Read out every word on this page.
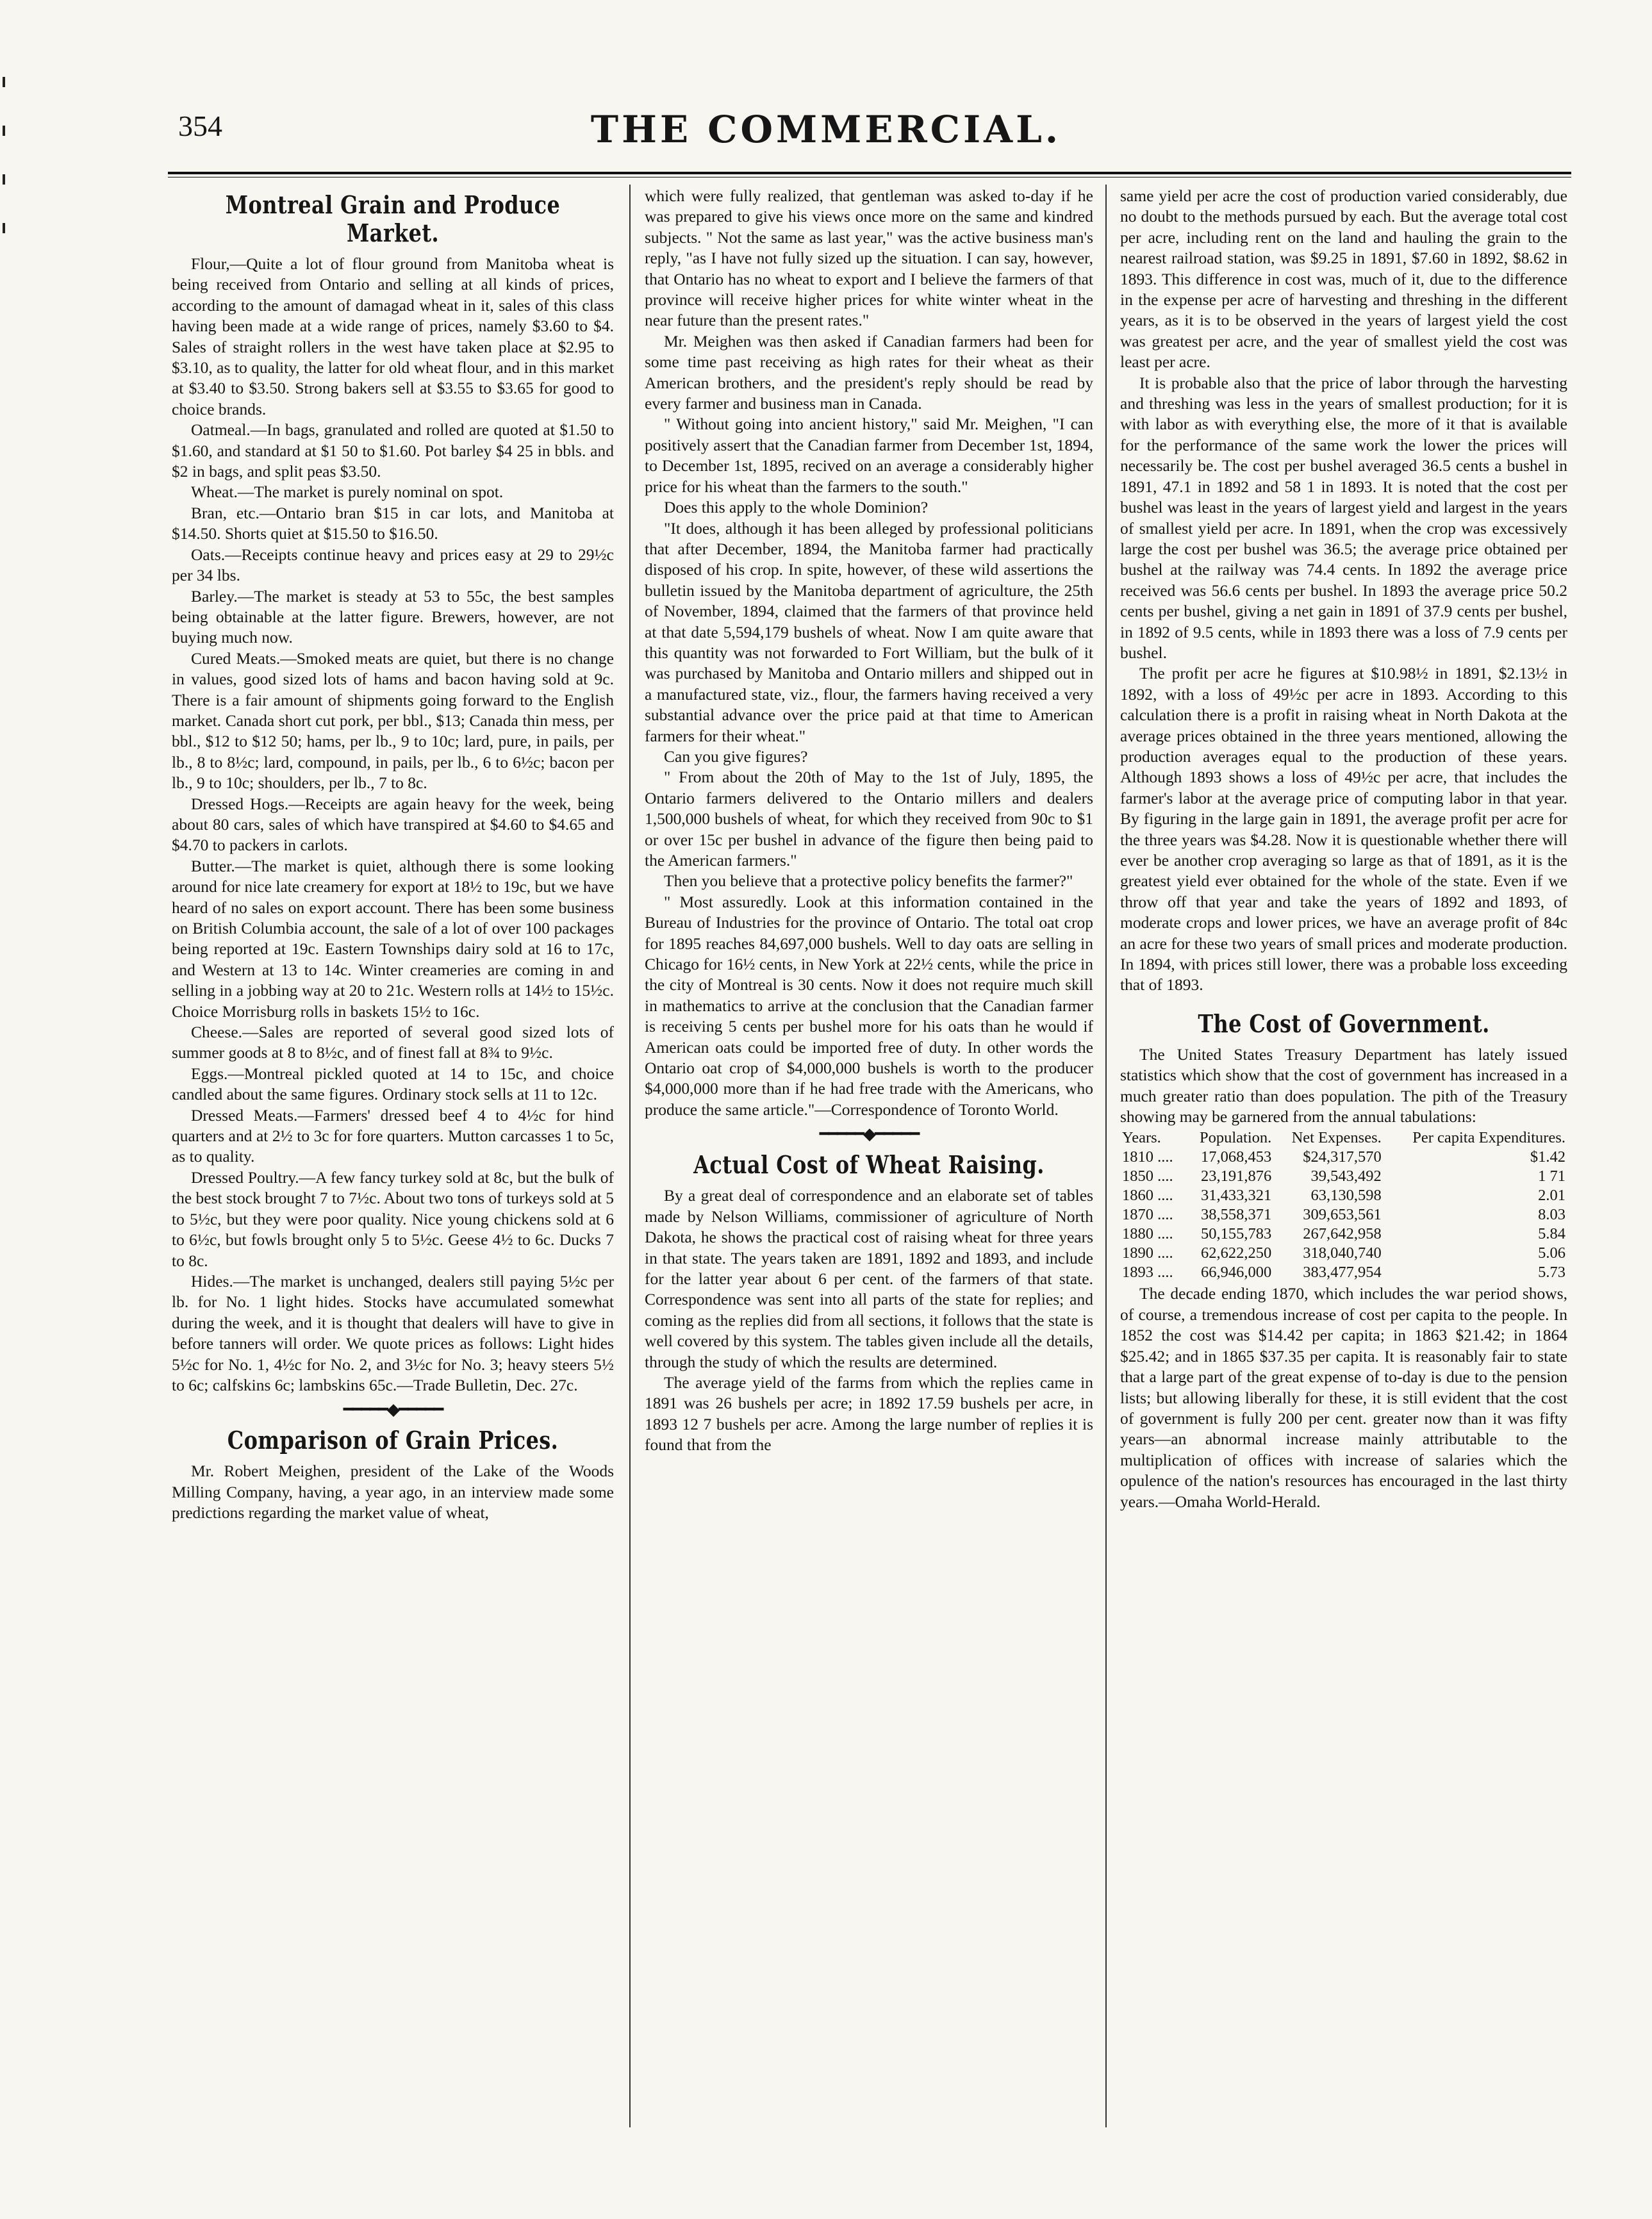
354	THE COMMERCIAL.
Montreal Grain and Produce Market.

Flour,—Quite a lot of flour ground from Manitoba wheat is being received from Ontario and selling at all kinds of prices, according to the amount of damagad wheat in it, sales of this class having been made at a wide range of prices, namely $3.60 to $4. Sales of straight rollers in the west have taken place at $2.95 to $3.10, as to quality, the latter for old wheat flour, and in this market at $3.40 to $3.50. Strong bakers sell at $3.55 to $3.65 for good to choice brands.

Oatmeal.—In bags, granulated and rolled are quoted at $1.50 to $1.60, and standard at $1 50 to $1.60. Pot barley $4 25 in bbls. and $2 in bags, and split peas $3.50.

Wheat.—The market is purely nominal on spot.

Bran, etc.—Ontario bran $15 in car lots, and Manitoba at $14.50. Shorts quiet at $15.50 to $16.50.

Oats.—Receipts continue heavy and prices easy at 29 to 29½c per 34 lbs.

Barley.—The market is steady at 53 to 55c, the best samples being obtainable at the latter figure. Brewers, however, are not buying much now.

Cured Meats.—Smoked meats are quiet, but there is no change in values, good sized lots of hams and bacon having sold at 9c. There is a fair amount of shipments going forward to the English market. Canada short cut pork, per bbl., $13; Canada thin mess, per bbl., $12 to $12 50; hams, per lb., 9 to 10c; lard, pure, in pails, per lb., 8 to 8½c; lard, compound, in pails, per lb., 6 to 6½c; bacon per lb., 9 to 10c; shoulders, per lb., 7 to 8c.

Dressed Hogs.—Receipts are again heavy for the week, being about 80 cars, sales of which have transpired at $4.60 to $4.65 and $4.70 to packers in carlots.

Butter.—The market is quiet, although there is some looking around for nice late creamery for export at 18½ to 19c, but we have heard of no sales on export account. There has been some business on British Columbia account, the sale of a lot of over 100 packages being reported at 19c. Eastern Townships dairy sold at 16 to 17c, and Western at 13 to 14c. Winter creameries are coming in and selling in a jobbing way at 20 to 21c. Western rolls at 14½ to 15½c. Choice Morrisburg rolls in baskets 15½ to 16c.

Cheese.—Sales are reported of several good sized lots of summer goods at 8 to 8½c, and of finest fall at 8¾ to 9½c.

Eggs.—Montreal pickled quoted at 14 to 15c, and choice candled about the same figures. Ordinary stock sells at 11 to 12c.

Dressed Meats.—Farmers' dressed beef 4 to 4½c for hind quarters and at 2½ to 3c for fore quarters. Mutton carcasses 1 to 5c, as to quality.

Dressed Poultry.—A few fancy turkey sold at 8c, but the bulk of the best stock brought 7 to 7½c. About two tons of turkeys sold at 5 to 5½c, but they were poor quality. Nice young chickens sold at 6 to 6½c, but fowls brought only 5 to 5½c. Geese 4½ to 6c. Ducks 7 to 8c.

Hides.—The market is unchanged, dealers still paying 5½c per lb. for No. 1 light hides. Stocks have accumulated somewhat during the week, and it is thought that dealers will have to give in before tanners will order. We quote prices as follows: Light hides 5½c for No. 1, 4½c for No. 2, and 3½c for No. 3; heavy steers 5½ to 6c; calfskins 6c; lambskins 65c.—Trade Bulletin, Dec. 27c.

━━━━━◆━━━━━
Comparison of Grain Prices.

Mr. Robert Meighen, president of the Lake of the Woods Milling Company, having, a year ago, in an interview made some predictions regarding the market value of wheat,

which were fully realized, that gentleman was asked to-day if he was prepared to give his views once more on the same and kindred subjects. " Not the same as last year," was the active business man's reply, "as I have not fully sized up the situation. I can say, however, that Ontario has no wheat to export and I believe the farmers of that province will receive higher prices for white winter wheat in the near future than the present rates."

Mr. Meighen was then asked if Canadian farmers had been for some time past receiving as high rates for their wheat as their American brothers, and the president's reply should be read by every farmer and business man in Canada.

" Without going into ancient history," said Mr. Meighen, "I can positively assert that the Canadian farmer from December 1st, 1894, to December 1st, 1895, recived on an average a considerably higher price for his wheat than the farmers to the south."

Does this apply to the whole Dominion?

"It does, although it has been alleged by professional politicians that after December, 1894, the Manitoba farmer had practically disposed of his crop. In spite, however, of these wild assertions the bulletin issued by the Manitoba department of agriculture, the 25th of November, 1894, claimed that the farmers of that province held at that date 5,594,179 bushels of wheat. Now I am quite aware that this quantity was not forwarded to Fort William, but the bulk of it was purchased by Manitoba and Ontario millers and shipped out in a manufactured state, viz., flour, the farmers having received a very substantial advance over the price paid at that time to American farmers for their wheat."

Can you give figures?

" From about the 20th of May to the 1st of July, 1895, the Ontario farmers delivered to the Ontario millers and dealers 1,500,000 bushels of wheat, for which they received from 90c to $1 or over 15c per bushel in advance of the figure then being paid to the American farmers."

Then you believe that a protective policy benefits the farmer?"

" Most assuredly. Look at this information contained in the Bureau of Industries for the province of Ontario. The total oat crop for 1895 reaches 84,697,000 bushels. Well to day oats are selling in Chicago for 16½ cents, in New York at 22½ cents, while the price in the city of Montreal is 30 cents. Now it does not require much skill in mathematics to arrive at the conclusion that the Canadian farmer is receiving 5 cents per bushel more for his oats than he would if American oats could be imported free of duty. In other words the Ontario oat crop of $4,000,000 bushels is worth to the producer $4,000,000 more than if he had free trade with the Americans, who produce the same article."—Correspondence of Toronto World.

━━━━━◆━━━━━
Actual Cost of Wheat Raising.

By a great deal of correspondence and an elaborate set of tables made by Nelson Williams, commissioner of agriculture of North Dakota, he shows the practical cost of raising wheat for three years in that state. The years taken are 1891, 1892 and 1893, and include for the latter year about 6 per cent. of the farmers of that state. Correspondence was sent into all parts of the state for replies; and coming as the replies did from all sections, it follows that the state is well covered by this system. The tables given include all the details, through the study of which the results are determined.

The average yield of the farms from which the replies came in 1891 was 26 bushels per acre; in 1892 17.59 bushels per acre, in 1893 12 7 bushels per acre. Among the large number of replies it is found that from the

same yield per acre the cost of production varied considerably, due no doubt to the methods pursued by each. But the average total cost per acre, including rent on the land and hauling the grain to the nearest railroad station, was $9.25 in 1891, $7.60 in 1892, $8.62 in 1893. This difference in cost was, much of it, due to the difference in the expense per acre of harvesting and threshing in the different years, as it is to be observed in the years of largest yield the cost was greatest per acre, and the year of smallest yield the cost was least per acre.

It is probable also that the price of labor through the harvesting and threshing was less in the years of smallest production; for it is with labor as with everything else, the more of it that is available for the performance of the same work the lower the prices will necessarily be. The cost per bushel averaged 36.5 cents a bushel in 1891, 47.1 in 1892 and 58 1 in 1893. It is noted that the cost per bushel was least in the years of largest yield and largest in the years of smallest yield per acre. In 1891, when the crop was excessively large the cost per bushel was 36.5; the average price obtained per bushel at the railway was 74.4 cents. In 1892 the average price received was 56.6 cents per bushel. In 1893 the average price 50.2 cents per bushel, giving a net gain in 1891 of 37.9 cents per bushel, in 1892 of 9.5 cents, while in 1893 there was a loss of 7.9 cents per bushel.

The profit per acre he figures at $10.98½ in 1891, $2.13½ in 1892, with a loss of 49½c per acre in 1893. According to this calculation there is a profit in raising wheat in North Dakota at the average prices obtained in the three years mentioned, allowing the production averages equal to the production of these years. Although 1893 shows a loss of 49½c per acre, that includes the farmer's labor at the average price of computing labor in that year. By figuring in the large gain in 1891, the average profit per acre for the three years was $4.28. Now it is questionable whether there will ever be another crop averaging so large as that of 1891, as it is the greatest yield ever obtained for the whole of the state. Even if we throw off that year and take the years of 1892 and 1893, of moderate crops and lower prices, we have an average profit of 84c an acre for these two years of small prices and moderate production. In 1894, with prices still lower, there was a probable loss exceeding that of 1893.

The Cost of Government.

The United States Treasury Department has lately issued statistics which show that the cost of government has increased in a much greater ratio than does population. The pith of the Treasury showing may be garnered from the annual tabulations:

Years.	Population.	Net Expenses.	Per capita Expenditures.
1810 ....	17,068,453	$24,317,570	$1.42
1850 ....	23,191,876	39,543,492	1 71
1860 ....	31,433,321	63,130,598	2.01
1870 ....	38,558,371	309,653,561	8.03
1880 ....	50,155,783	267,642,958	5.84
1890 ....	62,622,250	318,040,740	5.06
1893 ....	66,946,000	383,477,954	5.73

The decade ending 1870, which includes the war period shows, of course, a tremendous increase of cost per capita to the people. In 1852 the cost was $14.42 per capita; in 1863 $21.42; in 1864 $25.42; and in 1865 $37.35 per capita. It is reasonably fair to state that a large part of the great expense of to-day is due to the pension lists; but allowing liberally for these, it is still evident that the cost of government is fully 200 per cent. greater now than it was fifty years—an abnormal increase mainly attributable to the multiplication of offices with increase of salaries which the opulence of the nation's resources has encouraged in the last thirty years.—Omaha World-Herald.
